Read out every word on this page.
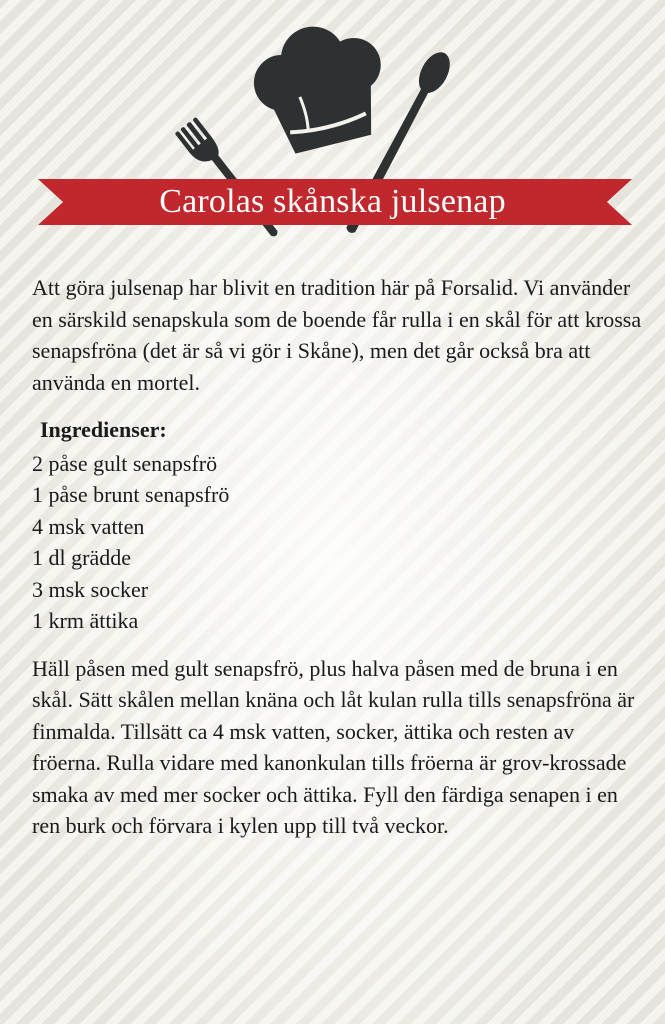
Carolas skånska julsenap

Att göra julsenap har blivit en tradition här på Forsalid. Vi använder en särskild senapskula som de boende får rulla i en skål för att krossa senapsfröna (det är så vi gör i Skåne), men det går också bra att använda en mortel.

Ingredienser:

2 påse gult senapsfrö
1 påse brunt senapsfrö
4 msk vatten
1 dl grädde
3 msk socker
1 krm ättika

Häll påsen med gult senapsfrö, plus halva påsen med de bruna i en skål. Sätt skålen mellan knäna och låt kulan rulla tills senapsfröna är finmalda. Tillsätt ca 4 msk vatten, socker, ättika och resten av fröerna. Rulla vidare med kanonkulan tills fröerna är grov-krossade smaka av med mer socker och ättika. Fyll den färdiga senapen i en ren burk och förvara i kylen upp till två veckor.
